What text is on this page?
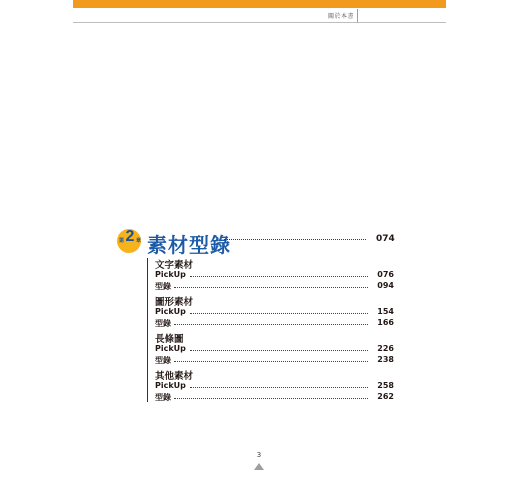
關於本書
第 2 章 素材型錄	074
文字素材
PickUp	076
型錄	094
圖形素材
PickUp	154
型錄	166
長條圖
PickUp	226
型錄	238
其他素材
PickUp	258
型錄	262
3
